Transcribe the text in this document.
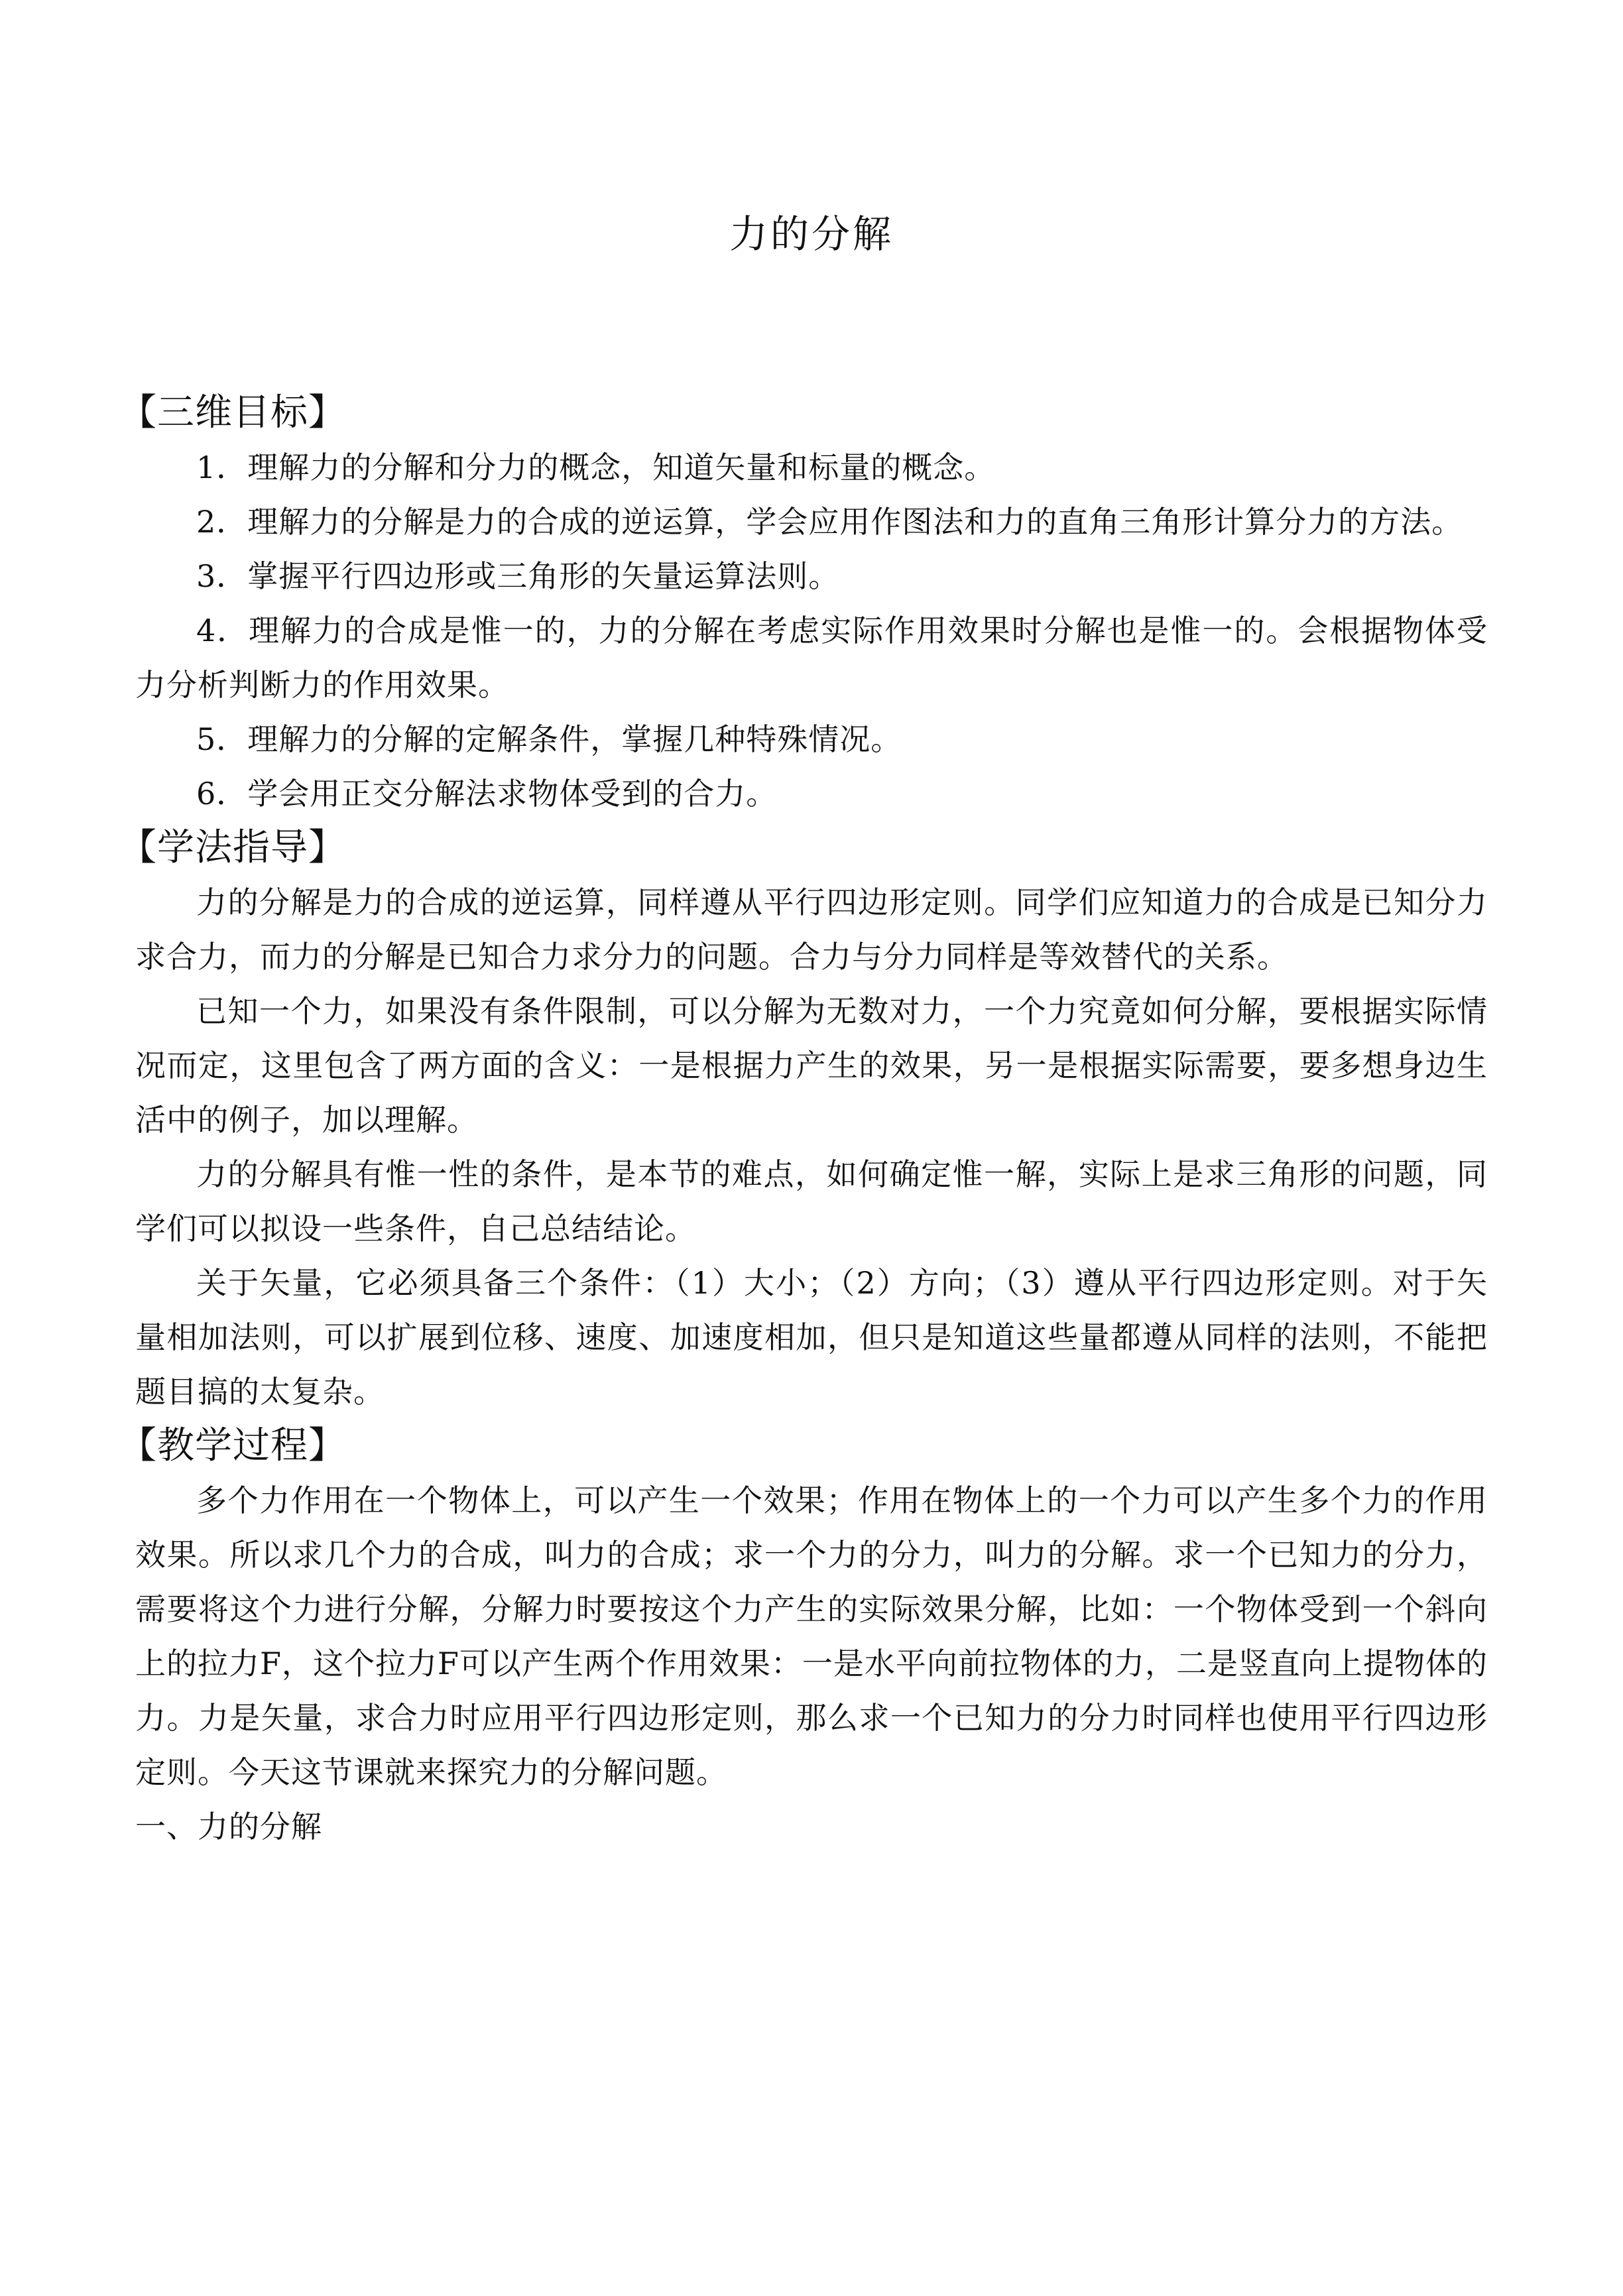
力的分解
【三维目标】

1．理解力的分解和分力的概念，知道矢量和标量的概念。

2．理解力的分解是力的合成的逆运算，学会应用作图法和力的直角三角形计算分力的方法。

3．掌握平行四边形或三角形的矢量运算法则。

4．理解力的合成是惟一的，力的分解在考虑实际作用效果时分解也是惟一的。会根据物体受力分析判断力的作用效果。

5．理解力的分解的定解条件，掌握几种特殊情况。

6．学会用正交分解法求物体受到的合力。

【学法指导】

力的分解是力的合成的逆运算，同样遵从平行四边形定则。同学们应知道力的合成是已知分力求合力，而力的分解是已知合力求分力的问题。合力与分力同样是等效替代的关系。

已知一个力，如果没有条件限制，可以分解为无数对力，一个力究竟如何分解，要根据实际情况而定，这里包含了两方面的含义：一是根据力产生的效果，另一是根据实际需要，要多想身边生活中的例子，加以理解。

力的分解具有惟一性的条件，是本节的难点，如何确定惟一解，实际上是求三角形的问题，同学们可以拟设一些条件，自己总结结论。

关于矢量，它必须具备三个条件：（1）大小；（2）方向；（3）遵从平行四边形定则。对于矢量相加法则，可以扩展到位移、速度、加速度相加，但只是知道这些量都遵从同样的法则，不能把题目搞的太复杂。

【教学过程】

多个力作用在一个物体上，可以产生一个效果；作用在物体上的一个力可以产生多个力的作用效果。所以求几个力的合成，叫力的合成；求一个力的分力，叫力的分解。求一个已知力的分力，需要将这个力进行分解，分解力时要按这个力产生的实际效果分解，比如：一个物体受到一个斜向上的拉力F，这个拉力F可以产生两个作用效果：一是水平向前拉物体的力，二是竖直向上提物体的力。力是矢量，求合力时应用平行四边形定则，那么求一个已知力的分力时同样也使用平行四边形定则。今天这节课就来探究力的分解问题。

一、力的分解
